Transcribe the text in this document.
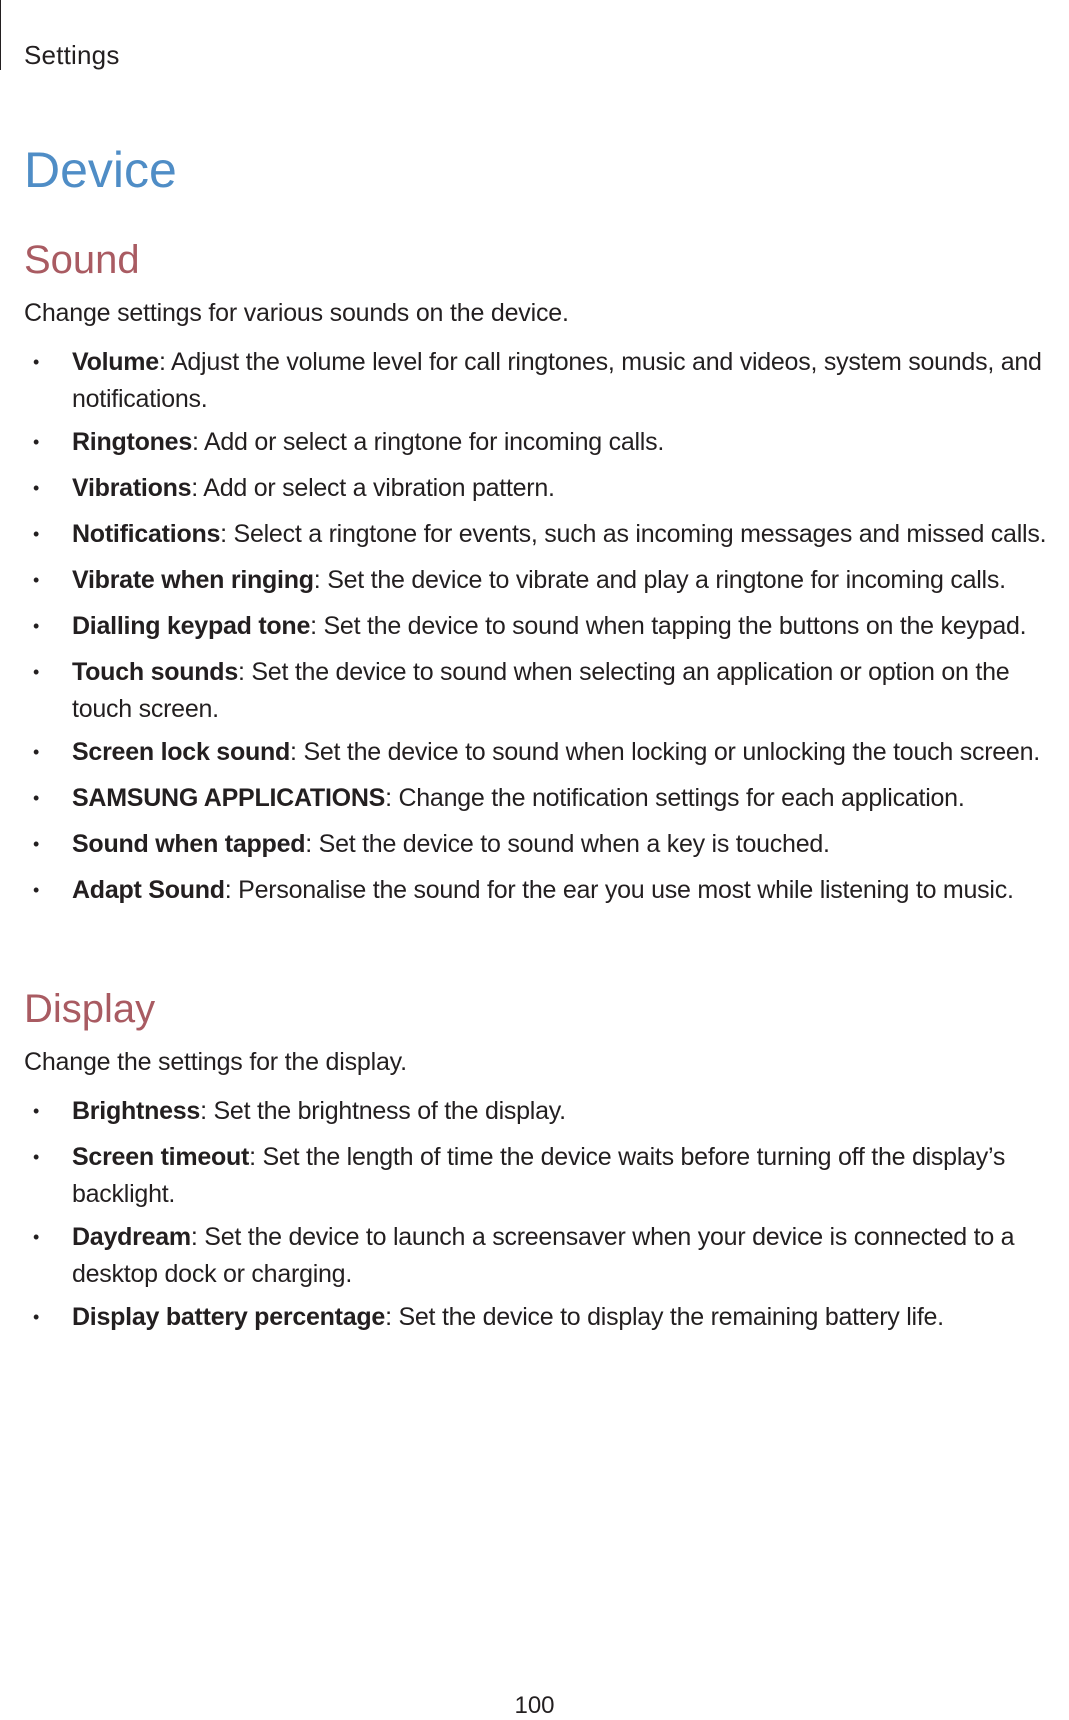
Settings
Device
Sound

Change settings for various sounds on the device.

• Volume: Adjust the volume level for call ringtones, music and videos, system sounds, and notifications.
• Ringtones: Add or select a ringtone for incoming calls.
• Vibrations: Add or select a vibration pattern.
• Notifications: Select a ringtone for events, such as incoming messages and missed calls.
• Vibrate when ringing: Set the device to vibrate and play a ringtone for incoming calls.
• Dialling keypad tone: Set the device to sound when tapping the buttons on the keypad.
• Touch sounds: Set the device to sound when selecting an application or option on the touch screen.
• Screen lock sound: Set the device to sound when locking or unlocking the touch screen.
• SAMSUNG APPLICATIONS: Change the notification settings for each application.
• Sound when tapped: Set the device to sound when a key is touched.
• Adapt Sound: Personalise the sound for the ear you use most while listening to music.
Display

Change the settings for the display.

• Brightness: Set the brightness of the display.
• Screen timeout: Set the length of time the device waits before turning off the display’s backlight.
• Daydream: Set the device to launch a screensaver when your device is connected to a desktop dock or charging.
• Display battery percentage: Set the device to display the remaining battery life.
100
